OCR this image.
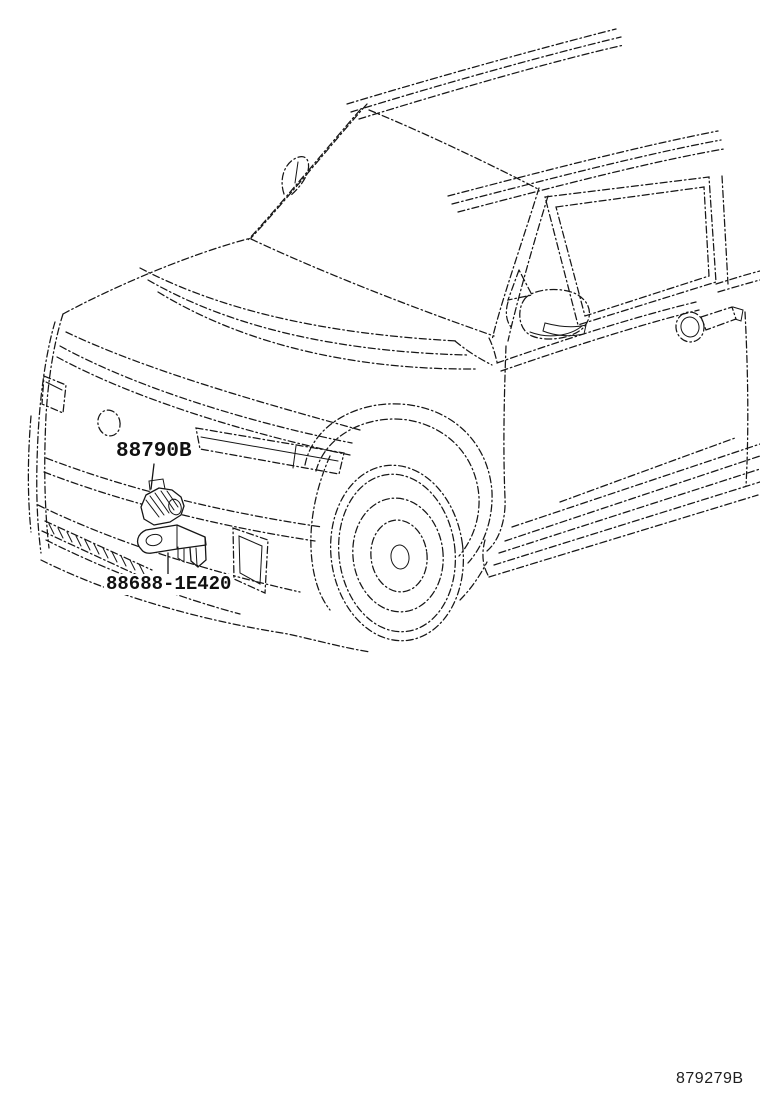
88790B
88688-1E420
879279B
